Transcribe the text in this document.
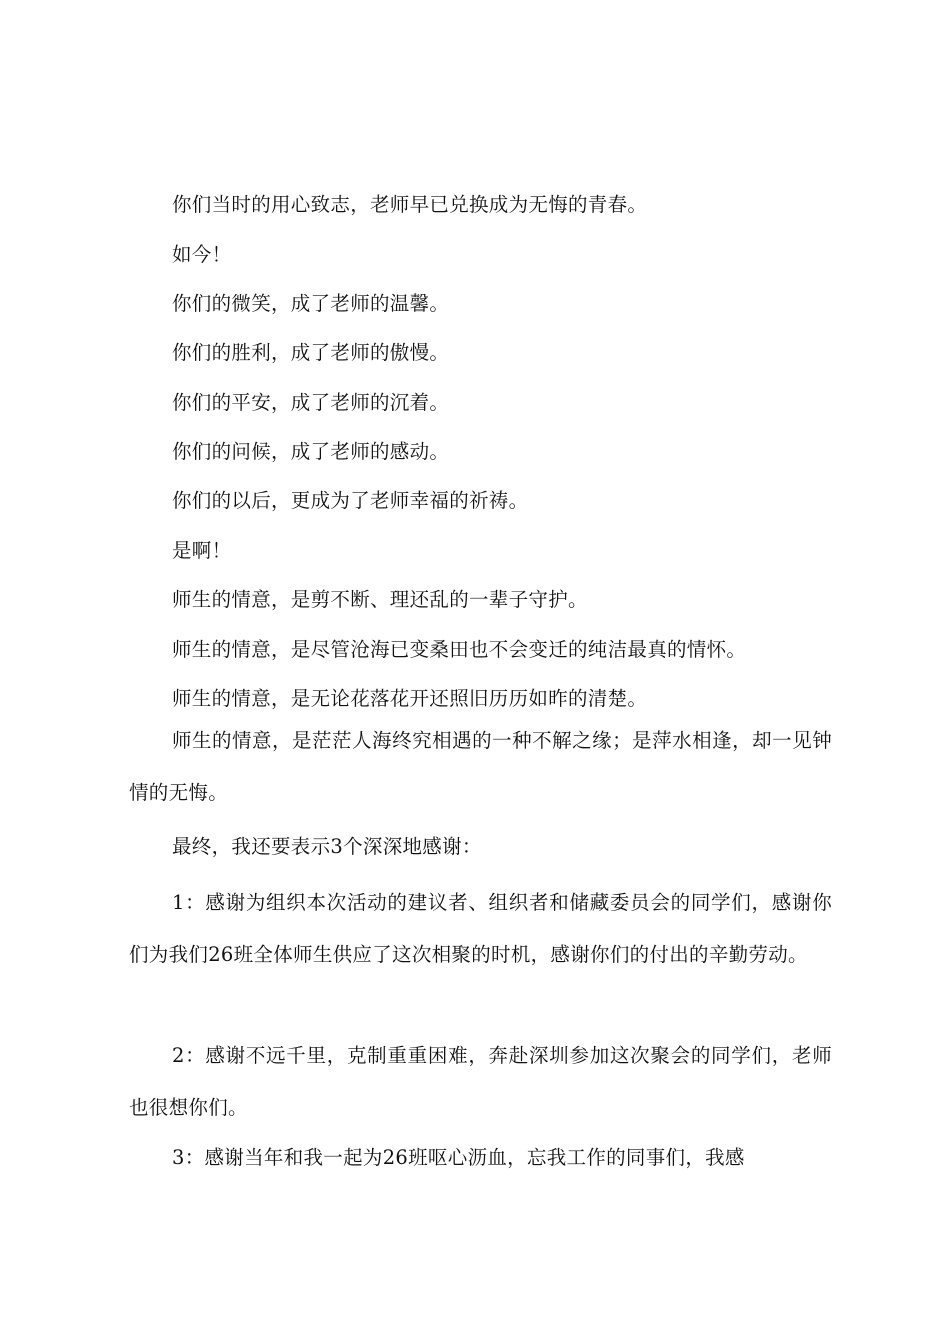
你们当时的用心致志，老师早已兑换成为无悔的青春。
如今！
你们的微笑，成了老师的温馨。
你们的胜利，成了老师的傲慢。
你们的平安，成了老师的沉着。
你们的问候，成了老师的感动。
你们的以后，更成为了老师幸福的祈祷。
是啊！
师生的情意，是剪不断、理还乱的一辈子守护。
师生的情意，是尽管沧海已变桑田也不会变迁的纯洁最真的情怀。
师生的情意，是无论花落花开还照旧历历如昨的清楚。

师生的情意，是茫茫人海终究相遇的一种不解之缘；是萍水相逢，却一见钟情的无悔。

最终，我还要表示3个深深地感谢：

1：感谢为组织本次活动的建议者、组织者和储藏委员会的同学们，感谢你们为我们26班全体师生供应了这次相聚的时机，感谢你们的付出的辛勤劳动。

2：感谢不远千里，克制重重困难，奔赴深圳参加这次聚会的同学们，老师也很想你们。

3：感谢当年和我一起为26班呕心沥血，忘我工作的同事们，我感
